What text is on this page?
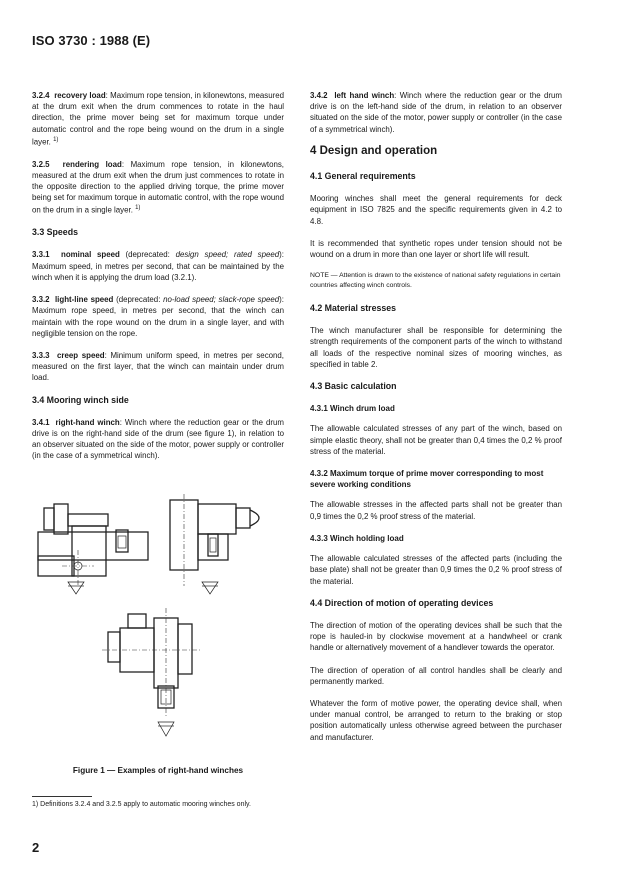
ISO 3730 : 1988 (E)

3.2.4 recovery load: Maximum rope tension, in kilonewtons, measured at the drum exit when the drum commences to rotate in the haul direction, the prime mover being set for maximum torque under automatic control and the rope being wound on the drum in a single layer. $^{1)}$

3.2.5 rendering load: Maximum rope tension, in kilonewtons, measured at the drum exit when the drum just commences to rotate in the opposite direction to the applied driving torque, the prime mover being set for maximum torque in automatic control, with the rope wound on the drum in a single layer. $^{1)}$

3.3 Speeds

3.3.1 nominal speed (deprecated: design speed; rated speed): Maximum speed, in metres per second, that can be maintained by the winch when it is applying the drum load (3.2.1).

3.3.2 light-line speed (deprecated: no-load speed; slack-rope speed): Maximum rope speed, in metres per second, that the winch can maintain with the rope wound on the drum in a single layer, and with negligible tension on the rope.

3.3.3 creep speed: Minimum uniform speed, in metres per second, measured on the first layer, that the winch can maintain under drum load.

3.4 Mooring winch side

3.4.1 right-hand winch: Winch where the reduction gear or the drum drive is on the right-hand side of the drum (see figure 1), in relation to an observer situated on the side of the motor, power supply or controller (in the case of a symmetrical winch).

Figure 1 — Examples of right-hand winches

3.4.2 left hand winch: Winch where the reduction gear or the drum drive is on the left-hand side of the drum, in relation to an observer situated on the side of the motor, power supply or controller (in the case of a symmetrical winch).

4 Design and operation
4.1 General requirements

Mooring winches shall meet the general requirements for deck equipment in ISO 7825 and the specific requirements given in 4.2 to 4.8.

It is recommended that synthetic ropes under tension should not be wound on a drum in more than one layer or short life will result.

NOTE — Attention is drawn to the existence of national safety regulations in certain countries affecting winch controls.

4.2 Material stresses

The winch manufacturer shall be responsible for determining the strength requirements of the component parts of the winch to withstand all loads of the respective nominal sizes of mooring winches, as specified in table 2.

4.3 Basic calculation
4.3.1 Winch drum load

The allowable calculated stresses of any part of the winch, based on simple elastic theory, shall not be greater than 0,4 times the 0,2 % proof stress of the material.

4.3.2 Maximum torque of prime mover corresponding to most severe working conditions

The allowable stresses in the affected parts shall not be greater than 0,9 times the 0,2 % proof stress of the material.

4.3.3 Winch holding load

The allowable calculated stresses of the affected parts (including the base plate) shall not be greater than 0,9 times the 0,2 % proof stress of the material.

4.4 Direction of motion of operating devices

The direction of motion of the operating devices shall be such that the rope is hauled-in by clockwise movement at a handwheel or crank handle or alternatively movement of a handlever towards the operator.

The direction of operation of all control handles shall be clearly and permanently marked.

Whatever the form of motive power, the operating device shall, when under manual control, be arranged to return to the braking or stop position automatically unless otherwise agreed between the purchaser and manufacturer.

1) Definitions 3.2.4 and 3.2.5 apply to automatic mooring winches only.
2
